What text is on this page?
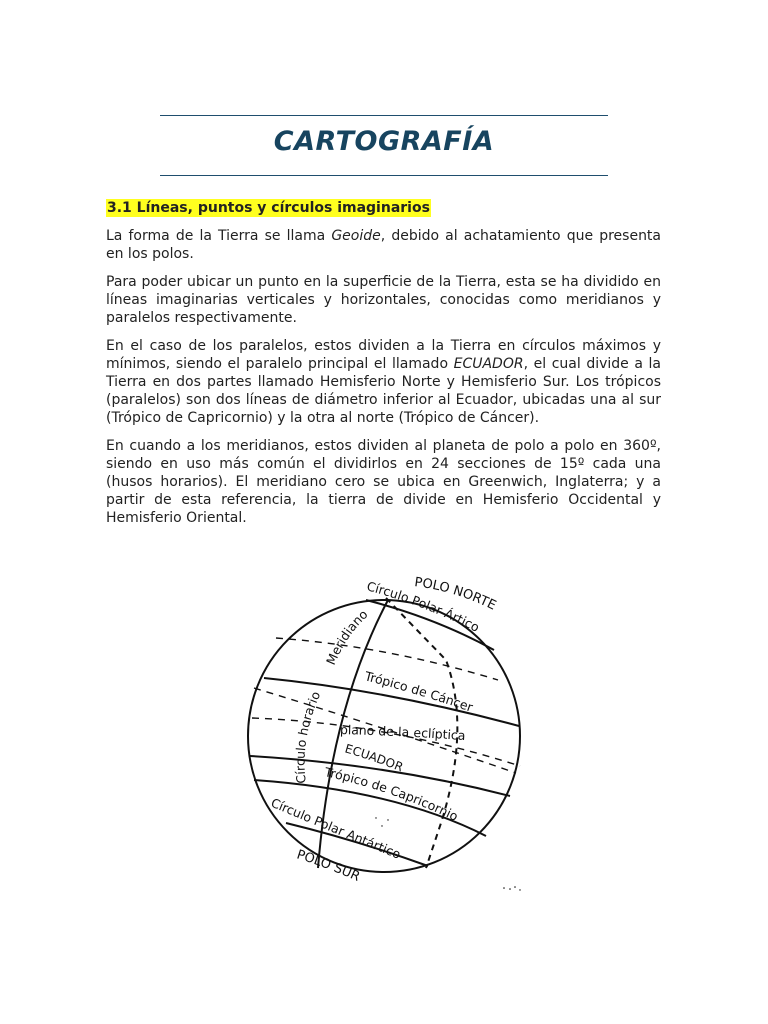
CARTOGRAFÍA
3.1 Líneas, puntos y círculos imaginarios

La forma de la Tierra se llama Geoide, debido al achatamiento que presenta en los polos.

Para poder ubicar un punto en la superficie de la Tierra, esta se ha dividido en líneas imaginarias verticales y horizontales, conocidas como meridianos y paralelos respectivamente.

En el caso de los paralelos, estos dividen a la Tierra en círculos máximos y mínimos, siendo el paralelo principal el llamado ECUADOR, el cual divide a la Tierra en dos partes llamado Hemisferio Norte y Hemisferio Sur. Los trópicos (paralelos) son dos líneas de diámetro inferior al Ecuador, ubicadas una al sur (Trópico de Capricornio) y la otra al norte (Trópico de Cáncer).

En cuando a los meridianos, estos dividen al planeta de polo a polo en 360º, siendo en uso más común el dividirlos en 24 secciones de 15º cada una (husos horarios). El meridiano cero se ubica en Greenwich, Inglaterra; y a partir de esta referencia, la tierra de divide en Hemisferio Occidental y Hemisferio Oriental.

POLO NORTE
Círculo Polar Ártico
Meridiano
Círculo horario
Trópico de Cáncer
plano de la eclíptica
ECUADOR
Trópico de Capricornio
Círculo Polar Antártico
POLO SUR
